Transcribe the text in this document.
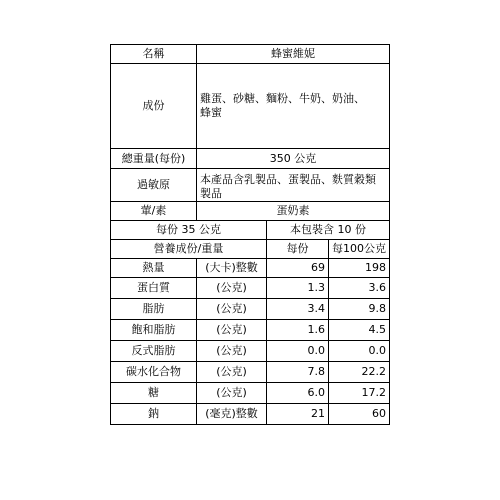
名稱	蜂蜜維妮		
成份	雞蛋、砂糖、麵粉、牛奶、奶油、蜂蜜		
總重量(每份)	350 公克		
過敏原	本產品含乳製品、蛋製品、麩質穀類製品		
葷/素	蛋奶素		
每份 35 公克		本包裝含 10 份	
營養成份/重量		每份	每100公克
熱量	(大卡)整數	69	198
蛋白質	(公克)	1.3	3.6
脂肪	(公克)	3.4	9.8
飽和脂肪	(公克)	1.6	4.5
反式脂肪	(公克)	0.0	0.0
碳水化合物	(公克)	7.8	22.2
糖	(公克)	6.0	17.2
鈉	(毫克)整數	21	60
